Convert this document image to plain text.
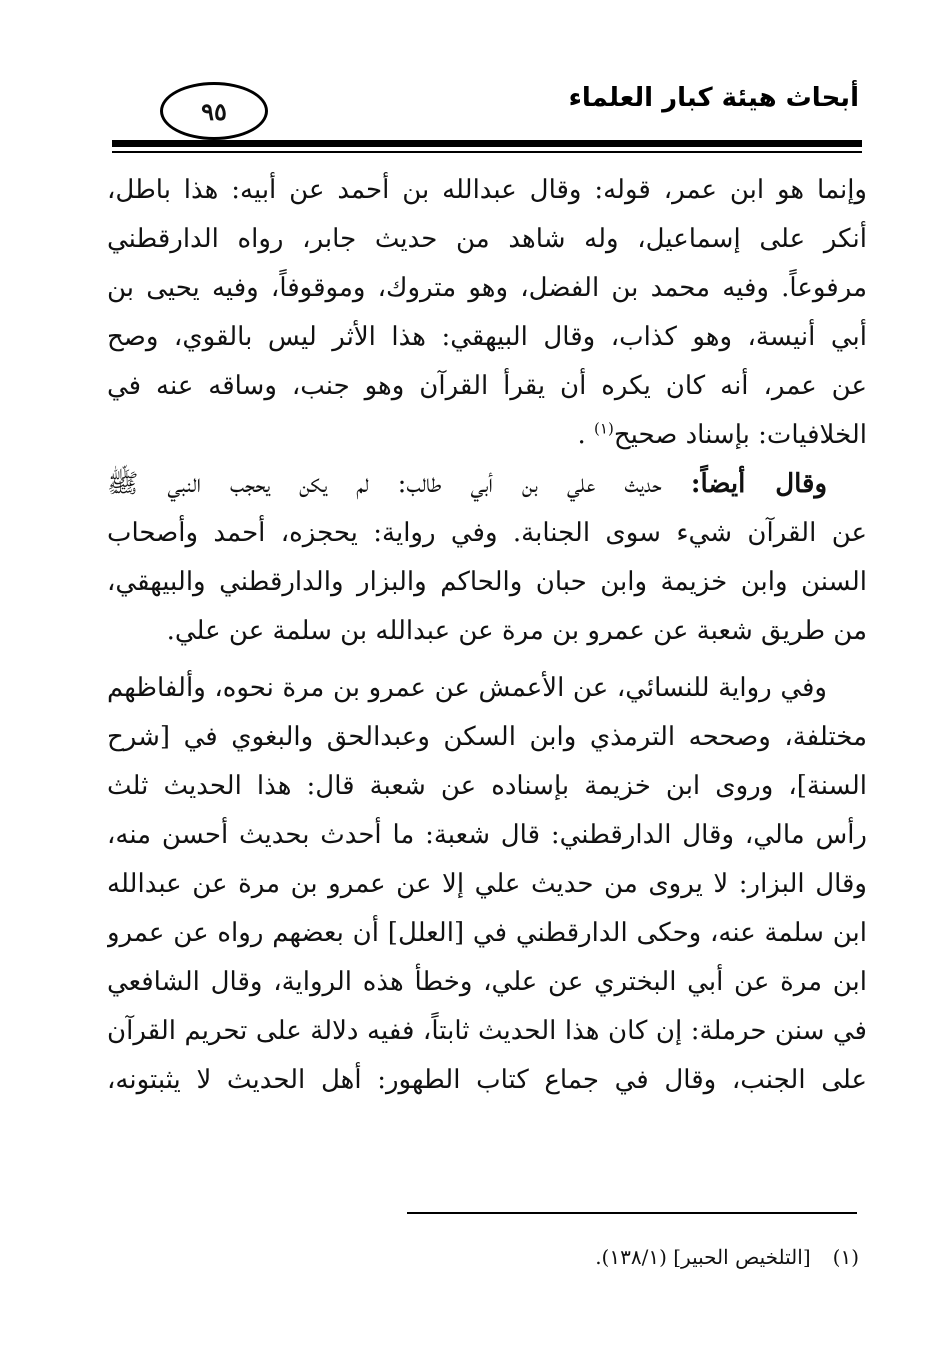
أبحاث هيئة كبار العلماء
٩٥
وإنما هو ابن عمر، قوله: وقال عبدالله بن أحمد عن أبيه: هذا باطل،
أنكر على إسماعيل، وله شاهد من حديث جابر، رواه الدارقطني
مرفوعاً. وفيه محمد بن الفضل، وهو متروك، وموقوفاً، وفيه يحيى بن
أبي أنيسة، وهو كذاب، وقال البيهقي: هذا الأثر ليس بالقوي، وصح
عن عمر، أنه كان يكره أن يقرأ القرآن وهو جنب، وساقه عنه في
الخلافيات: بإسناد صحيح$^{(١)}$ .
وقال أيضاً: حديث علي بن أبي طالب: لم يكن يحجب النبي ﷺ
عن القرآن شيء سوى الجنابة. وفي رواية: يحجزه، أحمد وأصحاب
السنن وابن خزيمة وابن حبان والحاكم والبزار والدارقطني والبيهقي،
من طريق شعبة عن عمرو بن مرة عن عبدالله بن سلمة عن علي.
وفي رواية للنسائي، عن الأعمش عن عمرو بن مرة نحوه، وألفاظهم
مختلفة، وصححه الترمذي وابن السكن وعبدالحق والبغوي في [شرح
السنة]، وروى ابن خزيمة بإسناده عن شعبة قال: هذا الحديث ثلث
رأس مالي، وقال الدارقطني: قال شعبة: ما أحدث بحديث أحسن منه،
وقال البزار: لا يروى من حديث علي إلا عن عمرو بن مرة عن عبدالله
ابن سلمة عنه، وحكى الدارقطني في [العلل] أن بعضهم رواه عن عمرو
ابن مرة عن أبي البختري عن علي، وخطأ هذه الرواية، وقال الشافعي
في سنن حرملة: إن كان هذا الحديث ثابتاً، ففيه دلالة على تحريم القرآن
على الجنب، وقال في جماع كتاب الطهور: أهل الحديث لا يثبتونه،
(١)[التلخيص الحبير] (١٣٨/١).
